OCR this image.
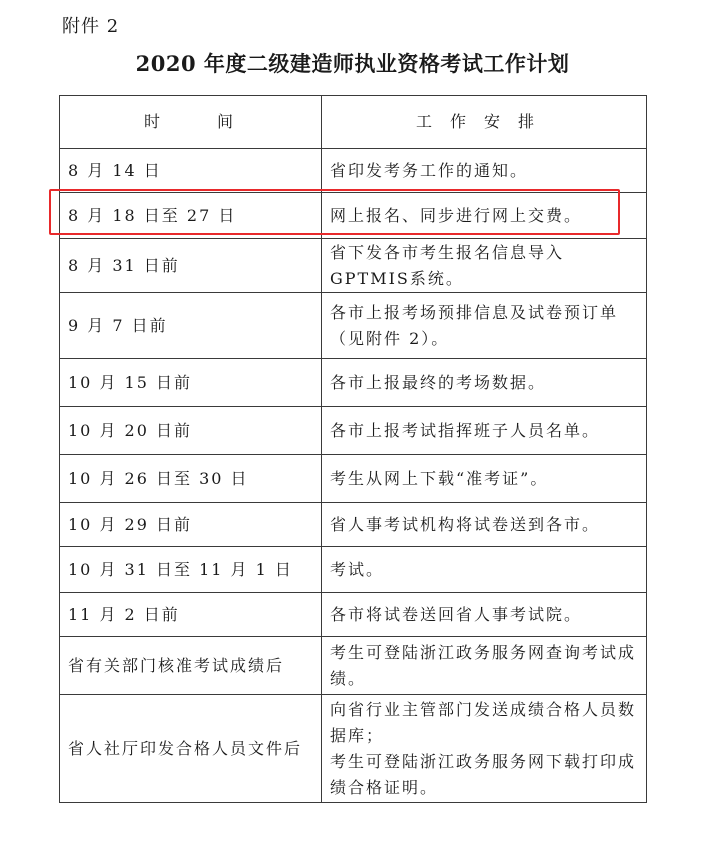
附件 2
2020 年度二级建造师执业资格考试工作计划
时 间	工作安排
8 月 14 日	省印发考务工作的通知。
8 月 18 日至 27 日	网上报名、同步进行网上交费。
8 月 31 日前	省下发各市考生报名信息导入 GPTMIS系统。
9 月 7 日前	各市上报考场预排信息及试卷预订单（见附件 2）。
10 月 15 日前	各市上报最终的考场数据。
10 月 20 日前	各市上报考试指挥班子人员名单。
10 月 26 日至 30 日	考生从网上下载“准考证”。
10 月 29 日前	省人事考试机构将试卷送到各市。
10 月 31 日至 11 月 1 日	考试。
11 月 2 日前	各市将试卷送回省人事考试院。
省有关部门核准考试成绩后	考生可登陆浙江政务服务网查询考试成绩。
省人社厅印发合格人员文件后	向省行业主管部门发送成绩合格人员数据库；
考生可登陆浙江政务服务网下载打印成绩合格证明。
